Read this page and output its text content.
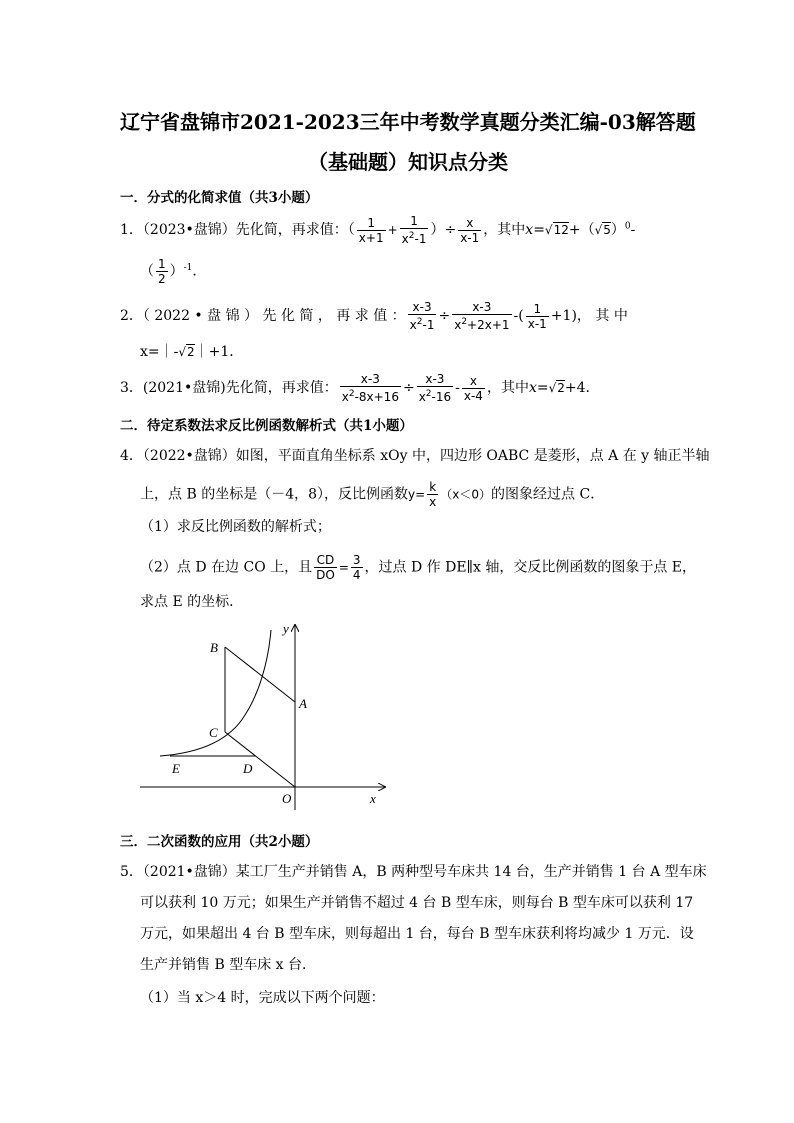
辽宁省盘锦市2021-2023三年中考数学真题分类汇编-03解答题
（基础题）知识点分类
一．分式的化简求值（共3小题）
1．（2023•盘锦）先化简，再求值：（ $\frac{1}{x+1} + \frac{1}{x^2-1}$ ）÷ $\frac{x}{x-1}$ ，其中$x=√12+(√5)^0-$
（ $\frac{1}{2} )^{-1}$．
2．（ 2022 • 盘 锦 ） 先 化 简 ， 再 求 值 ： $\frac{x-3}{x^2-1} \div \frac{x-3}{x^2+2x+1}$ -( $\frac{1}{x-1} +1$)， 其 中
x=｜-√2｜+1．
3．(2021•盘锦)先化简，再求值： $\frac{x-3}{x^2-8x+16} \div \frac{x-3}{x^2-16} - \frac{x}{x-4}$ ，其中x=√2+4．
二．待定系数法求反比例函数解析式（共1小题）
4．（2022•盘锦）如图，平面直角坐标系 xOy 中，四边形 OABC 是菱形，点 A 在 y 轴正半轴
上，点 B 的坐标是（－4，8），反比例函数$y= \frac{k}{x} (x<0)$的图象经过点 C．
（1）求反比例函数的解析式；
（2）点 D 在边 CO 上，且 $\frac{CD}{DO} = \frac{3}{4}$ ，过点 D 作 DE∥x 轴，交反比例函数的图象于点 E，
求点 E 的坐标．
y
x
O
A
B
C
D
E
三．二次函数的应用（共2小题）
5．（2021•盘锦）某工厂生产并销售 A，B 两种型号车床共 14 台，生产并销售 1 台 A 型车床
可以获利 10 万元；如果生产并销售不超过 4 台 B 型车床，则每台 B 型车床可以获利 17
万元，如果超出 4 台 B 型车床，则每超出 1 台，每台 B 型车床获利将均减少 1 万元．设
生产并销售 B 型车床 x 台．
（1）当 x＞4 时，完成以下两个问题：
